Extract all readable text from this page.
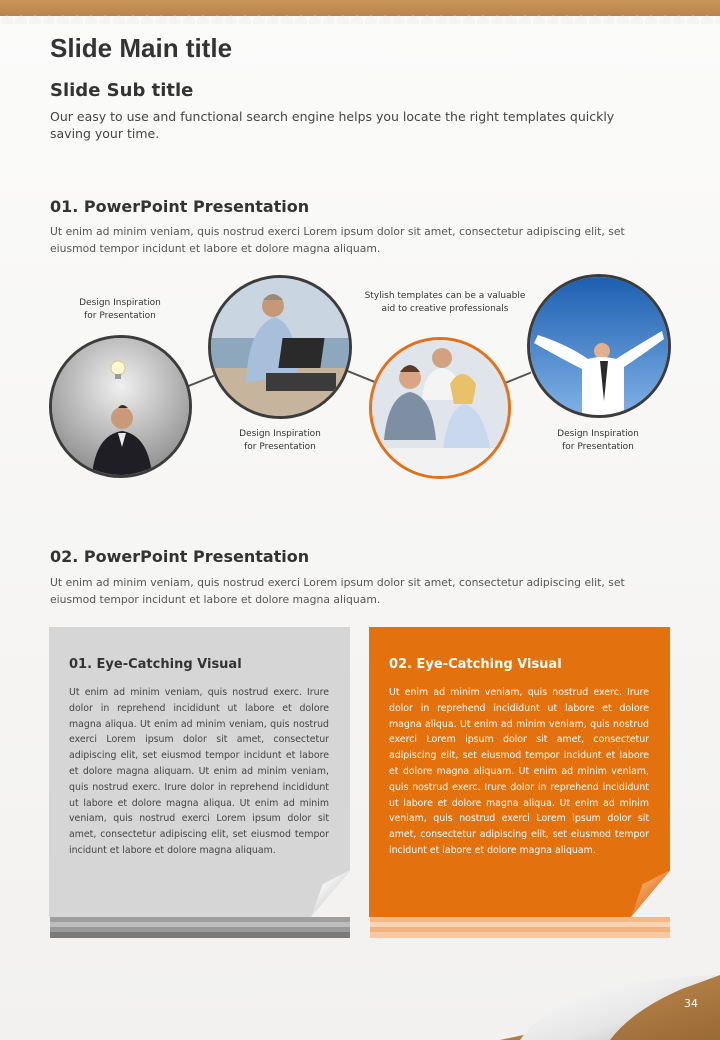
Slide Main title
Slide Sub title

Our easy to use and functional search engine helps you locate the right templates quickly saving your time.

01. PowerPoint Presentation

Ut enim ad minim veniam, quis nostrud exerci Lorem ipsum dolor sit amet, consectetur adipiscing elit, set eiusmod tempor incidunt et labore et dolore magna aliquam.

Design Inspiration
for Presentation
Design Inspiration
for Presentation
Stylish templates can be a valuable
aid to creative professionals
Design Inspiration
for Presentation
02. PowerPoint Presentation

Ut enim ad minim veniam, quis nostrud exerci Lorem ipsum dolor sit amet, consectetur adipiscing elit, set eiusmod tempor incidunt et labore et dolore magna aliquam.

01. Eye-Catching Visual
Ut enim ad minim veniam, quis nostrud exerc. Irure dolor in reprehend incididunt ut labore et dolore magna aliqua. Ut enim ad minim veniam, quis nostrud exerci Lorem ipsum dolor sit amet, consectetur adipiscing elit, set eiusmod tempor incidunt et labore et dolore magna aliquam. Ut enim ad minim veniam, quis nostrud exerc. Irure dolor in reprehend incididunt ut labore et dolore magna aliqua. Ut enim ad minim veniam, quis nostrud exerci Lorem ipsum dolor sit amet, consectetur adipiscing elit, set eiusmod tempor incidunt et labore et dolore magna aliquam.
02. Eye-Catching Visual
Ut enim ad minim veniam, quis nostrud exerc. Irure dolor in reprehend incididunt ut labore et dolore magna aliqua. Ut enim ad minim veniam, quis nostrud exerci Lorem ipsum dolor sit amet, consectetur adipiscing elit, set eiusmod tempor incidunt et labore et dolore magna aliquam. Ut enim ad minim veniam, quis nostrud exerc. Irure dolor in reprehend incididunt ut labore et dolore magna aliqua. Ut enim ad minim veniam, quis nostrud exerci Lorem ipsum dolor sit amet, consectetur adipiscing elit, set eiusmod tempor incidunt et labore et dolore magna aliquam.
34
